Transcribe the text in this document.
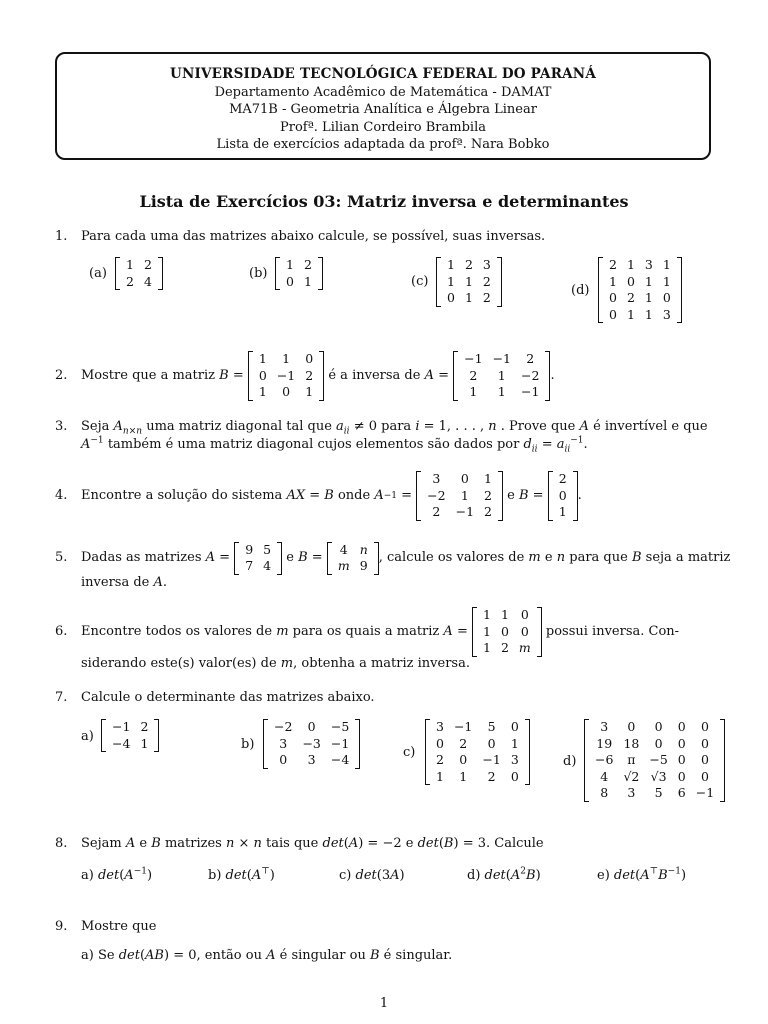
UNIVERSIDADE TECNOLÓGICA FEDERAL DO PARANÁ
Departamento Acadêmico de Matemática - DAMAT
MA71B - Geometria Analítica e Álgebra Linear
Profª. Lilian Cordeiro Brambila
Lista de exercícios adaptada da profª. Nara Bobko
Lista de Exercícios 03: Matriz inversa e determinantes
1. Para cada uma das matrizes abaixo calcule, se possível, suas inversas.
(a)
1	2
2	4	(b)
1	2
0	1	(c)
1	2	3
1	1	2
0	1	2	(d)
2	1	3	1
1	0	1	1
0	2	1	0
0	1	1	3
2. Mostre que a matriz
B =
1	1	0
0	−1	2
1	0	1

é a inversa de
A =
−1	−1	2
2	1	−2
1	1	−1
.
3. Seja $A_{n\times n}$ uma matriz diagonal tal que $a_{ii} \ne 0$ para i = 1, . . . , n . Prove que A é invertível e que
$A^{-1}$ também é uma matriz diagonal cujos elementos são dados por $d_{ii} = a_{ii}^{-1}$.
4. Encontre a solução do sistema
AX = B
onde
A −1 =
3	0	1
−2	1	2
2	−1	2

e
B =
2
0
1
.
5. Dadas as matrizes
A =
9	5
7	4

e
B =
4	n
m	9
, calcule os valores de
m
e
n
para que
B
seja a matriz
inversa de A.
6. Encontre todos os valores de
m
para os quais a matriz
A =
1	1	0
1	0	0
1	2	m

possui inversa. Con-
siderando este(s) valor(es) de m, obtenha a matriz inversa.
7. Calcule o determinante das matrizes abaixo.
a)
−1	2
−4	1	b)
−2	0	−5
3	−3	−1
0	3	−4	c)
3	−1	5	0
0	2	0	1
2	0	−1	3
1	1	2	0
d)
3	0	0	0	0
19	18	0	0	0
−6	π	−5	0	0
4	√2	√3	0	0
8	3	5	6	−1
8. Sejam A e B matrizes n × n tais que det(A) = −2 e det(B) = 3. Calcule
a) $\det(A^{-1})$	b) det(A⊤)	c) det(3A)	d) $\det(A^2B)$	e) $\det(A^⊤B^{-1})$
9. Mostre que
a) Se det(AB) = 0, então ou A é singular ou B é singular.
1
